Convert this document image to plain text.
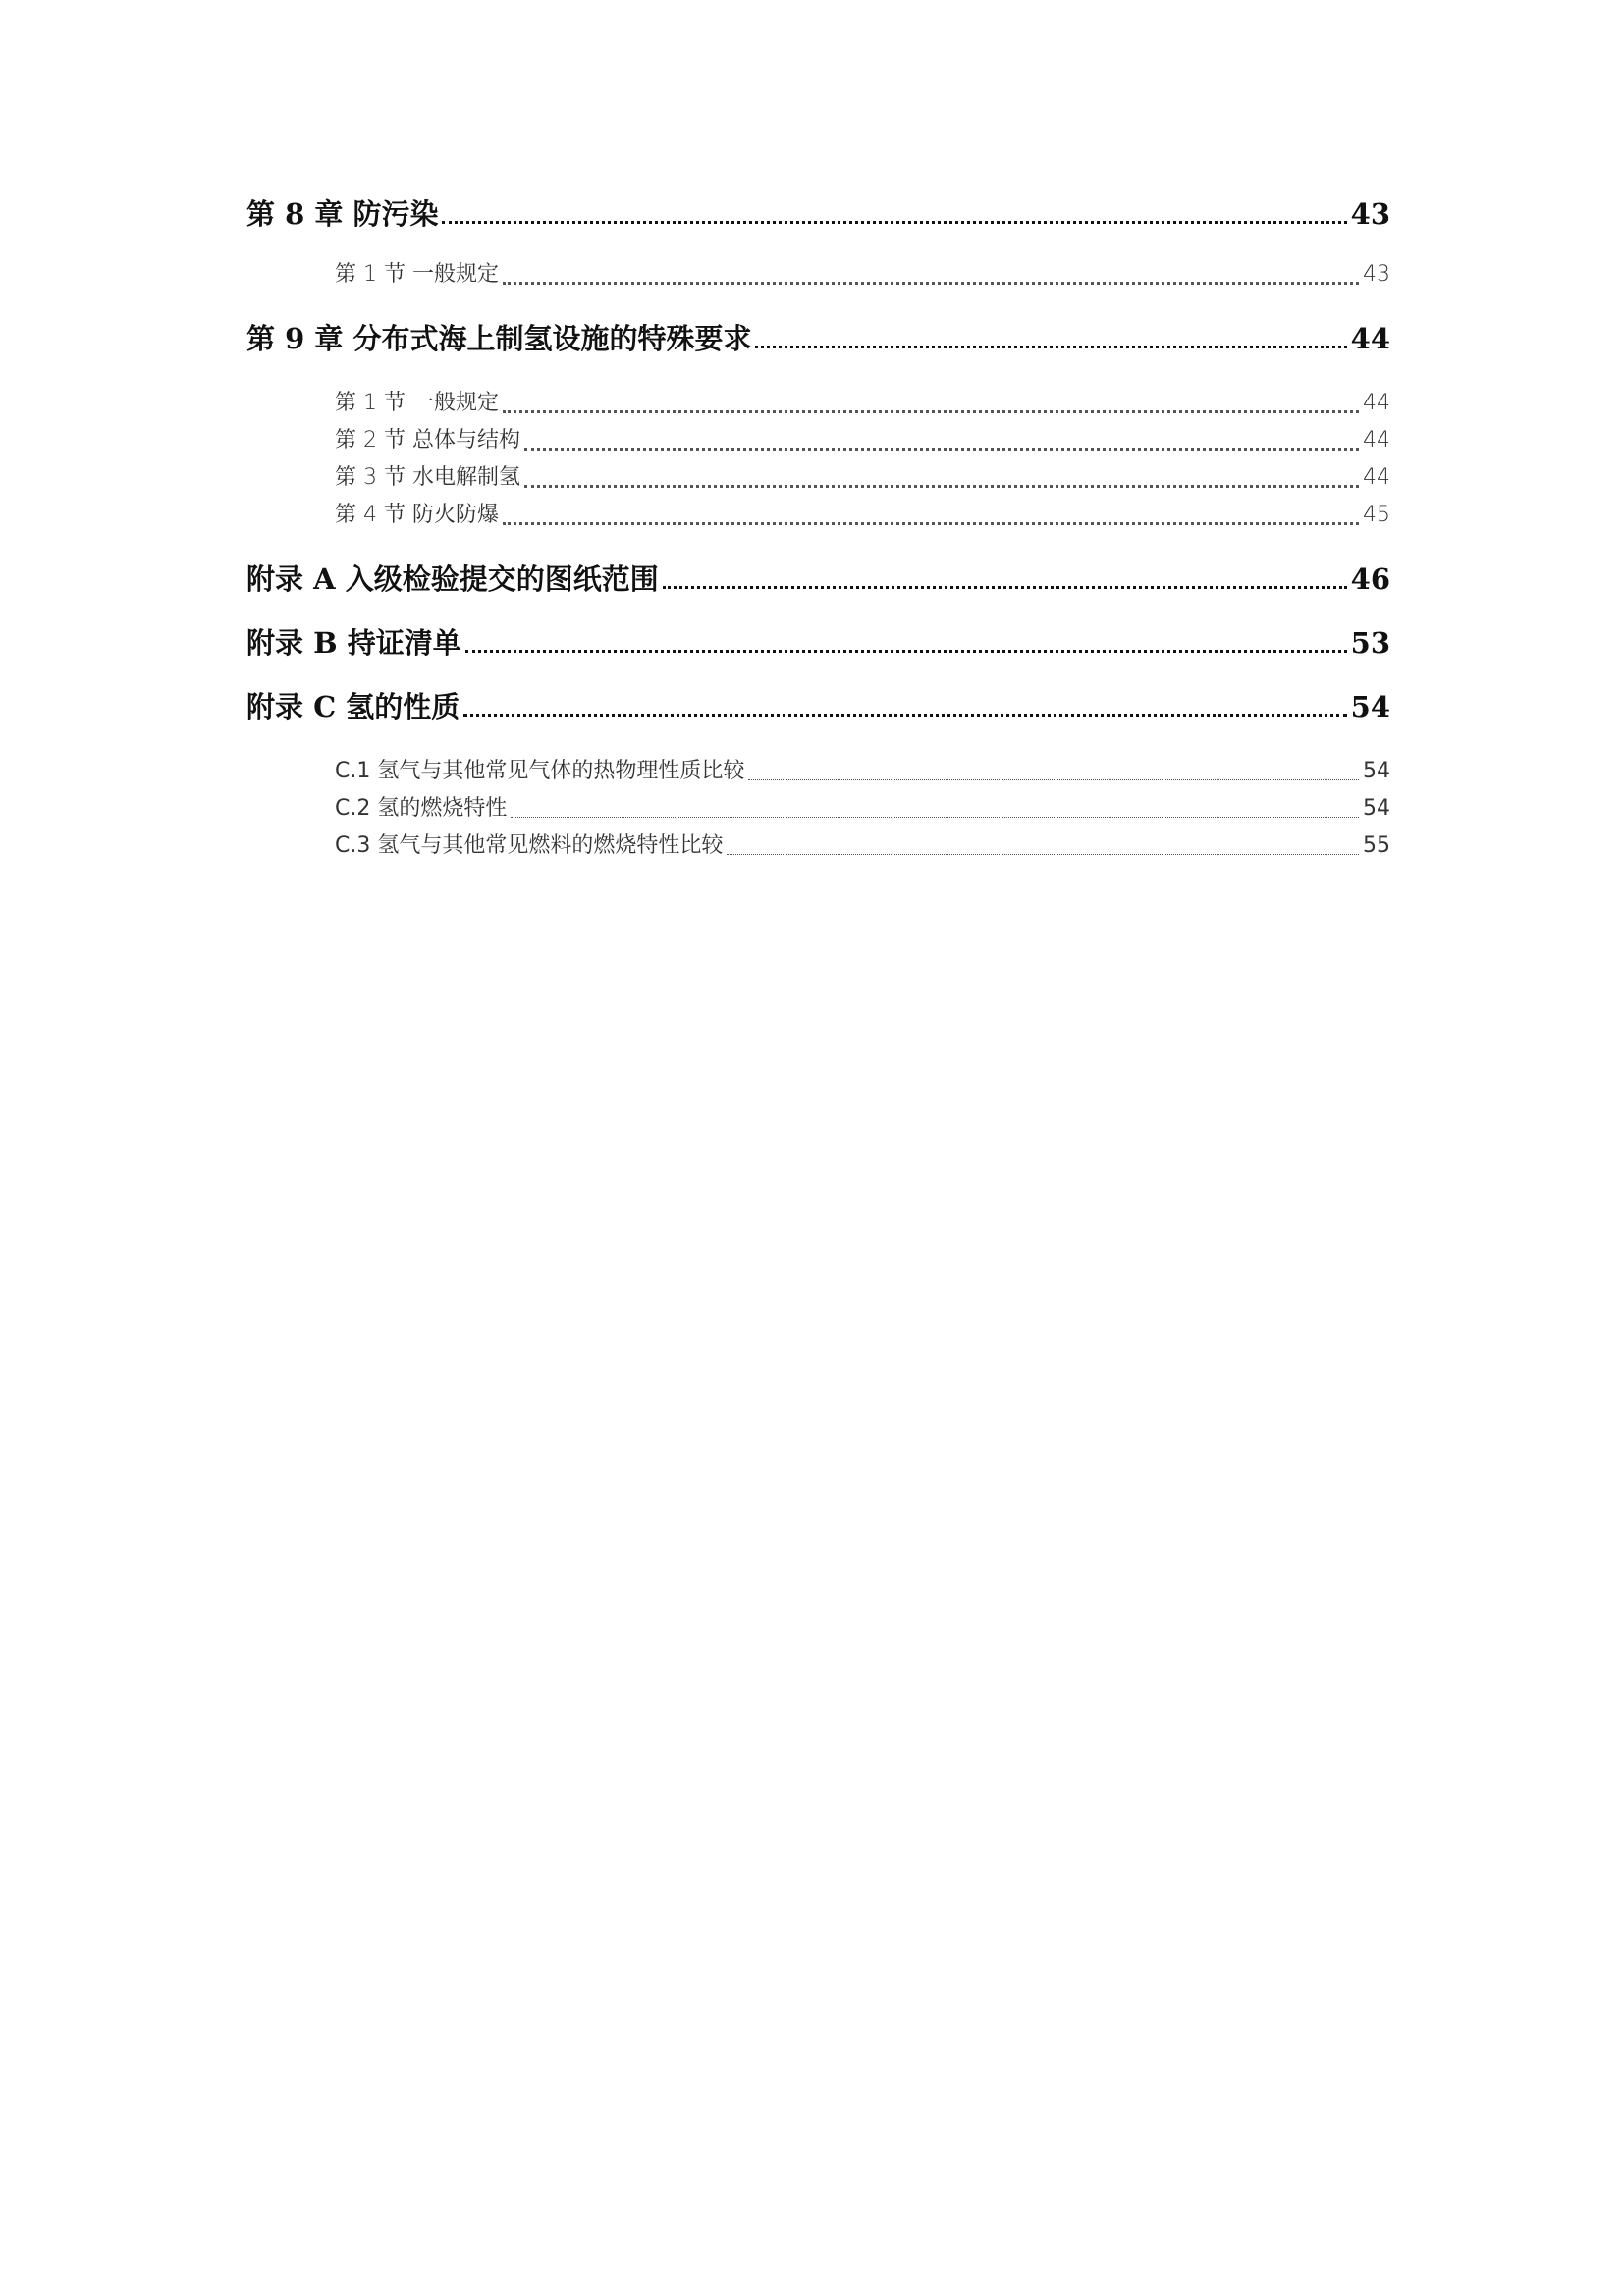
第 8 章 防污染	43
第 1 节 一般规定	43
第 9 章 分布式海上制氢设施的特殊要求	44
第 1 节 一般规定	44
第 2 节 总体与结构	44
第 3 节 水电解制氢	44
第 4 节 防火防爆	45
附录 A 入级检验提交的图纸范围	46
附录 B 持证清单	53
附录 C 氢的性质	54
C.1 氢气与其他常见气体的热物理性质比较	54
C.2 氢的燃烧特性	54
C.3 氢气与其他常见燃料的燃烧特性比较	55
